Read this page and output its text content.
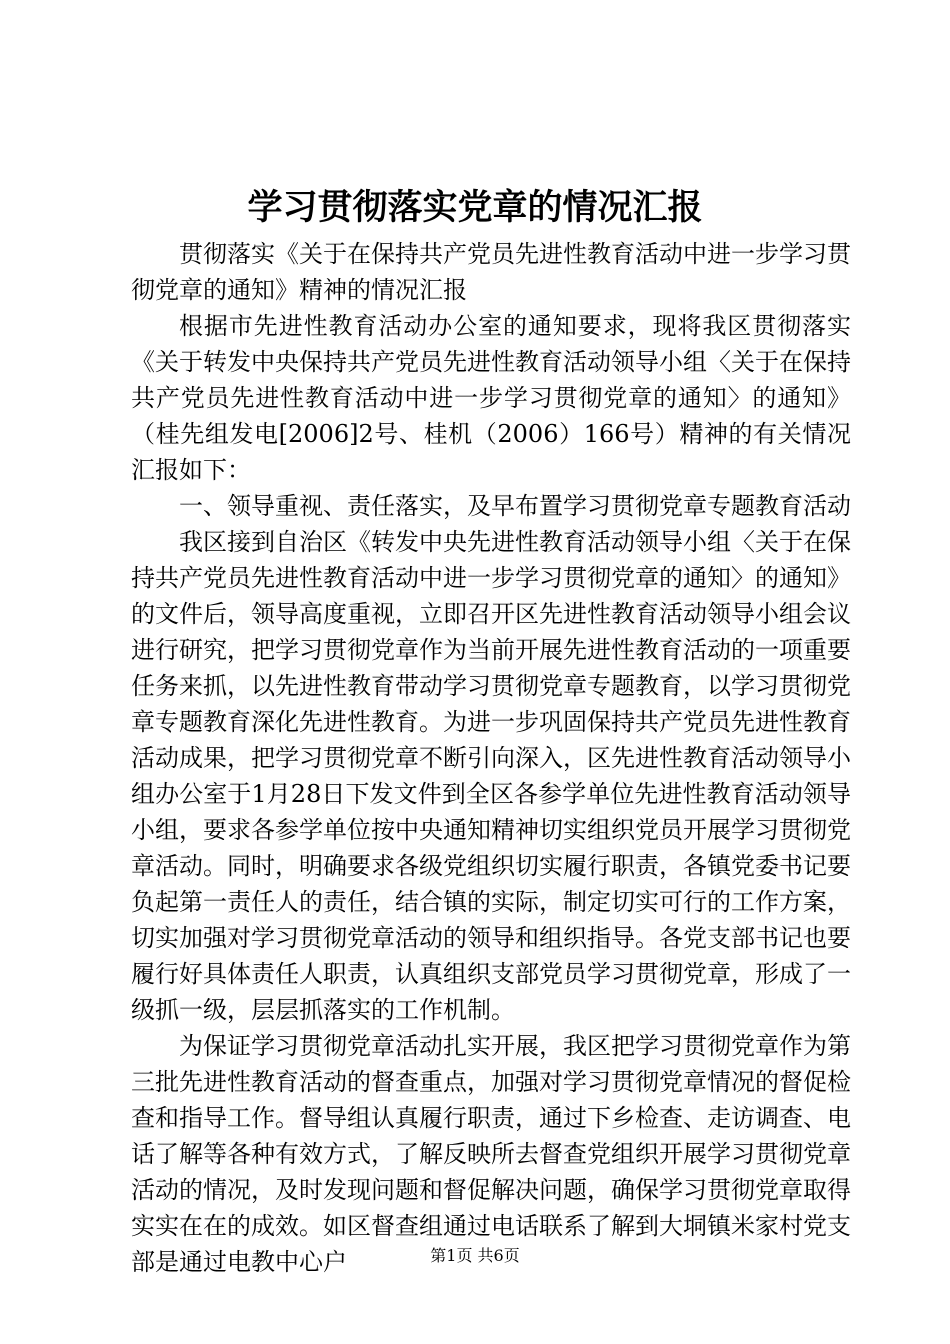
学习贯彻落实党章的情况汇报

贯彻落实《关于在保持共产党员先进性教育活动中进一步学习贯彻党章的通知》精神的情况汇报

根据市先进性教育活动办公室的通知要求，现将我区贯彻落实《关于转发中央保持共产党员先进性教育活动领导小组〈关于在保持共产党员先进性教育活动中进一步学习贯彻党章的通知〉的通知》（桂先组发电[2006]2号、桂机（2006）166号）精神的有关情况汇报如下：

一、领导重视、责任落实，及早布置学习贯彻党章专题教育活动

我区接到自治区《转发中央先进性教育活动领导小组〈关于在保持共产党员先进性教育活动中进一步学习贯彻党章的通知〉的通知》的文件后，领导高度重视，立即召开区先进性教育活动领导小组会议进行研究，把学习贯彻党章作为当前开展先进性教育活动的一项重要任务来抓，以先进性教育带动学习贯彻党章专题教育，以学习贯彻党章专题教育深化先进性教育。为进一步巩固保持共产党员先进性教育活动成果，把学习贯彻党章不断引向深入，区先进性教育活动领导小组办公室于1月28日下发文件到全区各参学单位先进性教育活动领导小组，要求各参学单位按中央通知精神切实组织党员开展学习贯彻党章活动。同时，明确要求各级党组织切实履行职责，各镇党委书记要负起第一责任人的责任，结合镇的实际，制定切实可行的工作方案，切实加强对学习贯彻党章活动的领导和组织指导。各党支部书记也要履行好具体责任人职责，认真组织支部党员学习贯彻党章，形成了一级抓一级，层层抓落实的工作机制。

为保证学习贯彻党章活动扎实开展，我区把学习贯彻党章作为第三批先进性教育活动的督查重点，加强对学习贯彻党章情况的督促检查和指导工作。督导组认真履行职责，通过下乡检查、走访调查、电话了解等各种有效方式，了解反映所去督查党组织开展学习贯彻党章活动的情况，及时发现问题和督促解决问题，确保学习贯彻党章取得实实在在的成效。如区督查组通过电话联系了解到大垌镇米家村党支部是通过电教中心户	第1页 共6页
